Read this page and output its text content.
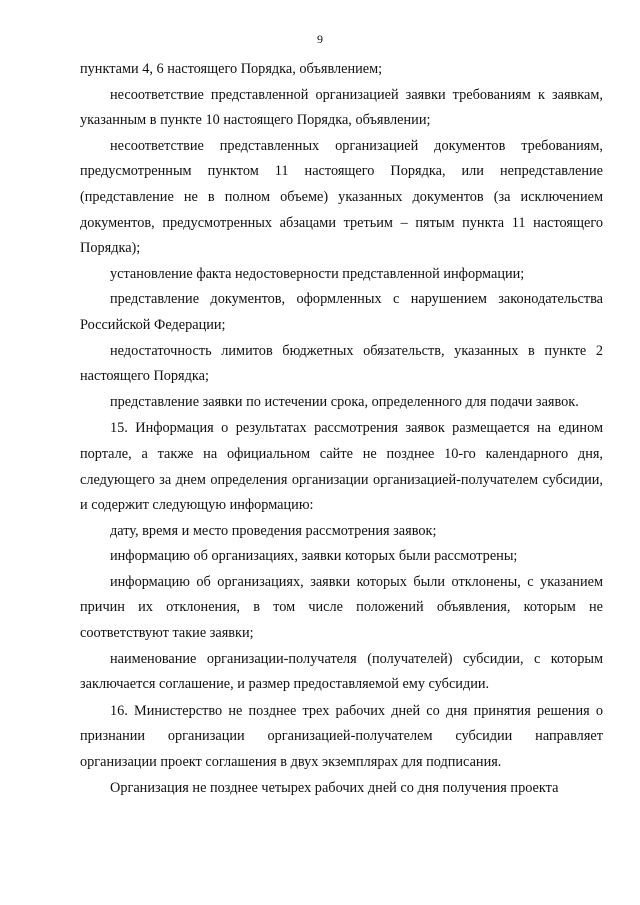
9

пунктами 4, 6 настоящего Порядка, объявлением;

несоответствие представленной организацией заявки требованиям к заявкам, указанным в пункте 10 настоящего Порядка, объявлении;

несоответствие представленных организацией документов требованиям, предусмотренным пунктом 11 настоящего Порядка, или непредставление (представление не в полном объеме) указанных документов (за исключением документов, предусмотренных абзацами третьим – пятым пункта 11 настоящего Порядка);

установление факта недостоверности представленной информации;

представление документов, оформленных с нарушением законодательства Российской Федерации;

недостаточность лимитов бюджетных обязательств, указанных в пункте 2 настоящего Порядка;

представление заявки по истечении срока, определенного для подачи заявок.

15. Информация о результатах рассмотрения заявок размещается на едином портале, а также на официальном сайте не позднее 10-го календарного дня, следующего за днем определения организации организацией-получателем субсидии, и содержит следующую информацию:

дату, время и место проведения рассмотрения заявок;

информацию об организациях, заявки которых были рассмотрены;

информацию об организациях, заявки которых были отклонены, с указанием причин их отклонения, в том числе положений объявления, которым не соответствуют такие заявки;

наименование организации-получателя (получателей) субсидии, с которым заключается соглашение, и размер предоставляемой ему субсидии.

16. Министерство не позднее трех рабочих дней со дня принятия решения о признании организации организацией-получателем субсидии направляет организации проект соглашения в двух экземплярах для подписания.

Организация не позднее четырех рабочих дней со дня получения проекта
